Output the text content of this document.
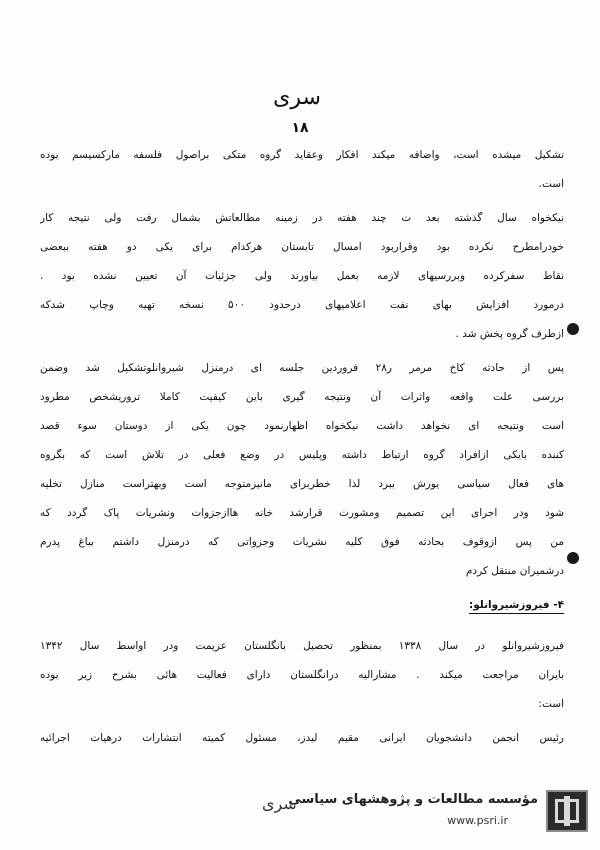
سری
۱۸
تشکیل میشده است، واضافه میکند افکار وعقاید گروه متکی براصول فلسفه مارکسیسم بوده
است.
نیکخواه سال گذشته بعد ت چند هفته در زمینه مطالعاتش بشمال رفت ولی نتیجه کار
خودرامطرح نکرده بود وقراربود امسال تابستان هرکدام برای یکی دو هفته ببعضی
نقاط سفرکرده وبررسیهای لازمه بعمل بیاورند ولی جزئیات آن تعیین نشده بود .
درمورد افزایش بهای نفت اعلامیهای درحدود ۵۰۰ نسخه تهیه وچاپ شدکه
ازطرف گروه پخش شد .
پس از حادثه کاخ مرمر ر۲۸ فروردین جلسه ای درمنزل شیروانلوتشکیل شد وضمن
بررسی علت واقعه واثرات آن ونتیجه گیری باین کیفیت کاملا تروریشخص مطرود
است ونتیجه ای نخواهد داشت نیکخواه اظهارنمود چون یکی از دوستان سوء قصد
کننده بایکی ازافراد گروه ارتباط داشته وپلیس در وضع فعلی در تلاش است که بگروه
های فعال سیاسی یورش ببرد لذا خطربرای مانیزمتوجه است وبهتراست منازل تخلیه
شود ودر اجرای این تصمیم ومشورت قرارشد خانه هاازجزوات ونشریات پاک گردد که
من پس ازوقوف بحادثه فوق کلیه نشریات وجزواتی که درمنزل داشتم بباغ پدرم
درشمیران منتقل کردم
۴- فیروزشیروانلو:
فیروزشیروانلو در سال ۱۳۳۸ بمنظور تحصیل بانگلستان عزیمت ودر اواسط سال ۱۳۴۲
بایران مراجعت میکند . مشارالیه درانگلستان دارای فعالیت هائی بشرح زیر بوده
است:
رئیس انجمن دانشجویان ایرانی مقیم لیدز، مسئول کمیته انتشارات درهیات اجرائیه
سری
مؤسسه مطالعات و پژوهشهای سیاسی
www.psri.ir
